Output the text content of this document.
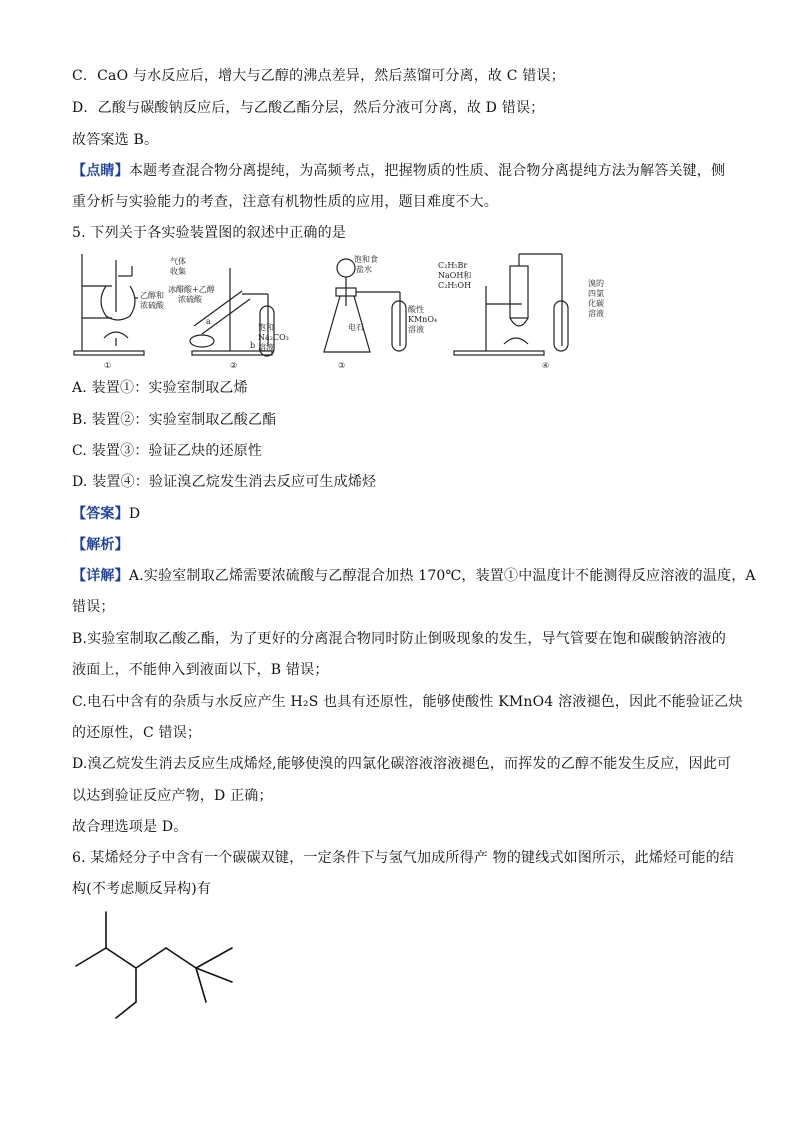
C．CaO 与水反应后，增大与乙醇的沸点差异，然后蒸馏可分离，故 C 错误；
D．乙酸与碳酸钠反应后，与乙酸乙酯分层，然后分液可分离，故 D 错误；
故答案选 B。
【点睛】本题考查混合物分离提纯，为高频考点，把握物质的性质、混合物分离提纯方法为解答关键，侧
重分析与实验能力的考查，注意有机物性质的应用，题目难度不大。
5. 下列关于各实验装置图的叙述中正确的是
气体
收集
乙醇和
浓硫酸
①
冰醋酸+乙醇
浓硫酸
a
b
饱和
Na₂CO₃
溶液
②
饱和食
盐水
电石
酸性
KMnO₄
溶液
③
C₂H₅Br
NaOH和
C₂H₅OH	溴的
四氯
化碳
溶液
④
A. 装置①：实验室制取乙烯
B. 装置②：实验室制取乙酸乙酯
C. 装置③：验证乙炔的还原性
D. 装置④：验证溴乙烷发生消去反应可生成烯烃
【答案】D
【解析】
【详解】A.实验室制取乙烯需要浓硫酸与乙醇混合加热 170℃，装置①中温度计不能测得反应溶液的温度，A
错误；
B.实验室制取乙酸乙酯，为了更好的分离混合物同时防止倒吸现象的发生，导气管要在饱和碳酸钠溶液的
液面上，不能伸入到液面以下，B 错误；
C.电石中含有的杂质与水反应产生 H₂S 也具有还原性，能够使酸性 KMnO4 溶液褪色，因此不能验证乙炔
的还原性，C 错误；
D.溴乙烷发生消去反应生成烯烃,能够使溴的四氯化碳溶液溶液褪色，而挥发的乙醇不能发生反应，因此可
以达到验证反应产物，D 正确；
故合理选项是 D。
6. 某烯烃分子中含有一个碳碳双键，一定条件下与氢气加成所得产 物的键线式如图所示，此烯烃可能的结
构(不考虑顺反异构)有
